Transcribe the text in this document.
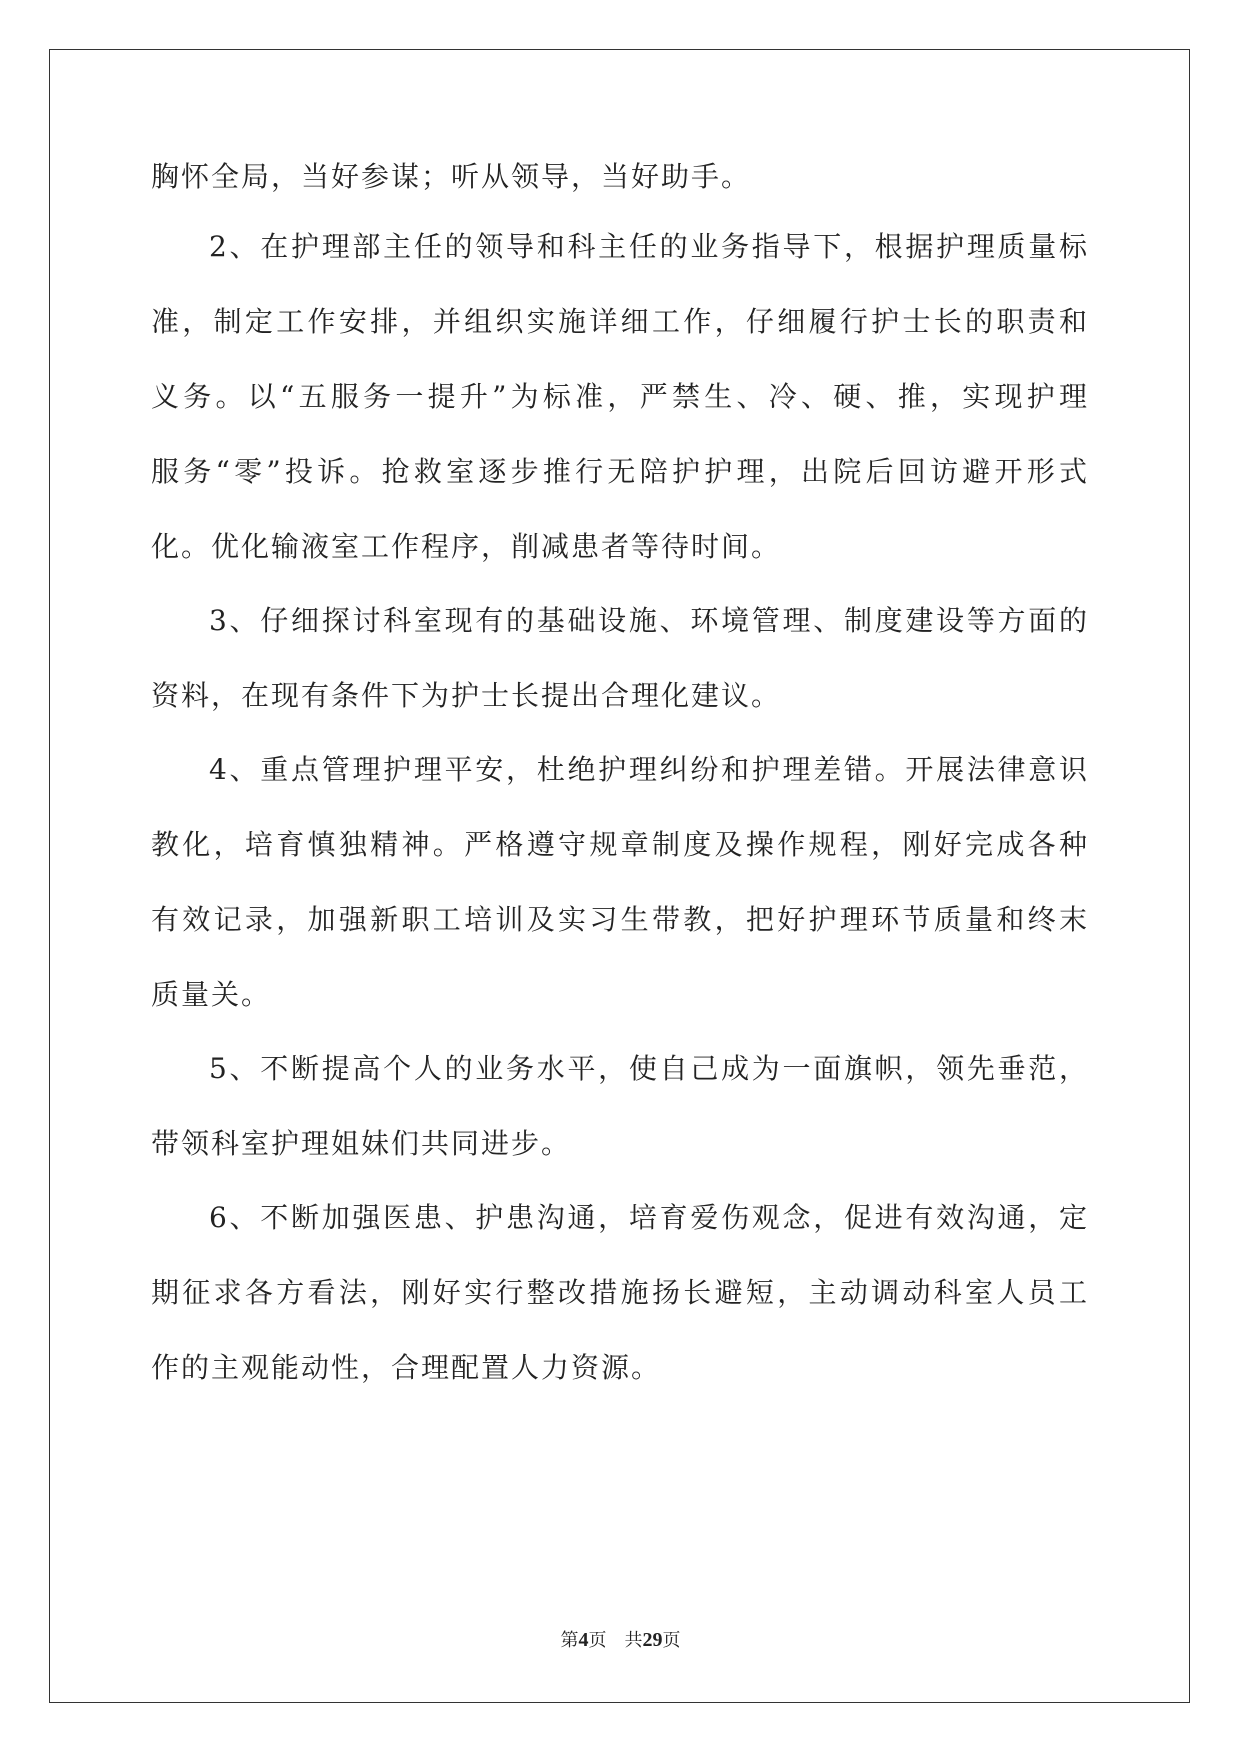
胸怀全局，当好参谋；听从领导，当好助手。

2、在护理部主任的领导和科主任的业务指导下，根据护理质量标

准，制定工作安排，并组织实施详细工作，仔细履行护士长的职责和

义务。以“五服务一提升”为标准，严禁生、冷、硬、推，实现护理

服务“零”投诉。抢救室逐步推行无陪护护理，出院后回访避开形式

化。优化输液室工作程序，削减患者等待时间。

3、仔细探讨科室现有的基础设施、环境管理、制度建设等方面的

资料，在现有条件下为护士长提出合理化建议。

4、重点管理护理平安，杜绝护理纠纷和护理差错。开展法律意识

教化，培育慎独精神。严格遵守规章制度及操作规程，刚好完成各种

有效记录，加强新职工培训及实习生带教，把好护理环节质量和终末

质量关。

5、不断提高个人的业务水平，使自己成为一面旗帜，领先垂范，

带领科室护理姐妹们共同进步。

6、不断加强医患、护患沟通，培育爱伤观念，促进有效沟通，定

期征求各方看法，刚好实行整改措施扬长避短，主动调动科室人员工

作的主观能动性，合理配置人力资源。

第4页　共29页
